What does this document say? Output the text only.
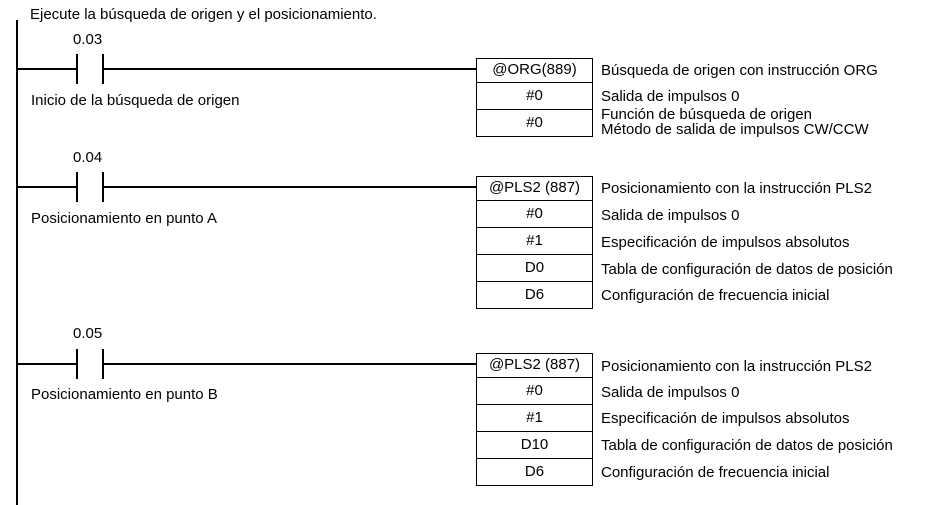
Ejecute la búsqueda de origen y el posicionamiento.
0.03
Inicio de la búsqueda de origen
@ORG(889)
#0
#0
Búsqueda de origen con instrucción ORG
Salida de impulsos 0
Función de búsqueda de origen
Método de salida de impulsos CW/CCW
0.04
Posicionamiento en punto A
@PLS2 (887)
#0
#1
D0
D6
Posicionamiento con la instrucción PLS2
Salida de impulsos 0
Especificación de impulsos absolutos
Tabla de configuración de datos de posición
Configuración de frecuencia inicial
0.05
Posicionamiento en punto B
@PLS2 (887)
#0
#1
D10
D6
Posicionamiento con la instrucción PLS2
Salida de impulsos 0
Especificación de impulsos absolutos
Tabla de configuración de datos de posición
Configuración de frecuencia inicial
